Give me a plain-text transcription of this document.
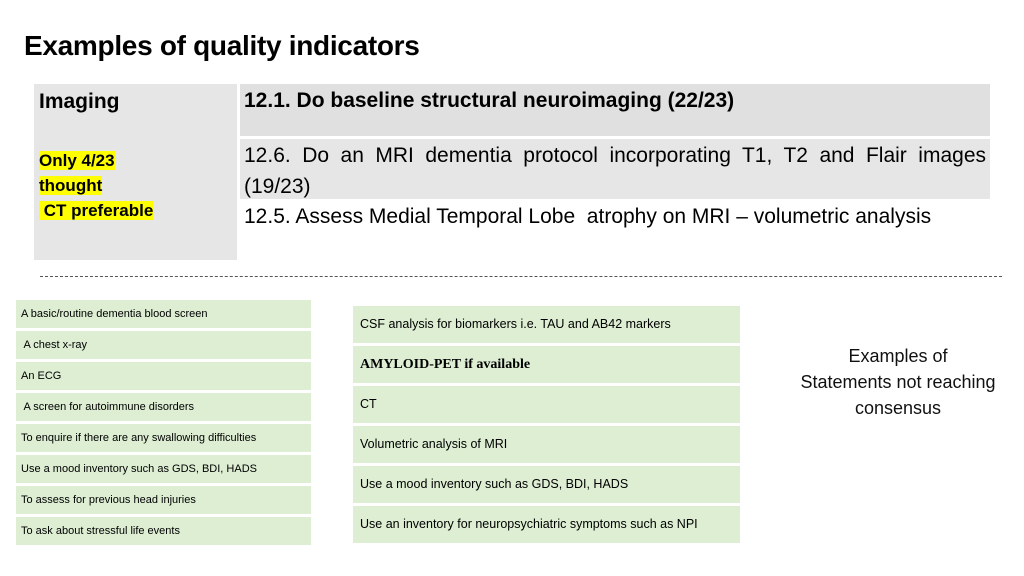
Examples of quality indicators
Imaging
Only 4/23
thought
CT preferable
12.1. Do baseline structural neuroimaging (22/23)
12.6. Do an MRI dementia protocol incorporating T1, T2 and Flair images (19/23)
12.5. Assess Medial Temporal Lobe  atrophy on MRI – volumetric analysis
A basic/routine dementia blood screen
A chest x-ray
An ECG
A screen for autoimmune disorders
To enquire if there are any swallowing difficulties
Use a mood inventory such as GDS, BDI, HADS
To assess for previous head injuries
To ask about stressful life events
CSF analysis for biomarkers i.e. TAU and AB42 markers
AMYLOID-PET if available
CT
Volumetric analysis of MRI
Use a mood inventory such as GDS, BDI, HADS
Use an inventory for neuropsychiatric symptoms such as NPI
Examples of
Statements not reaching
consensus
